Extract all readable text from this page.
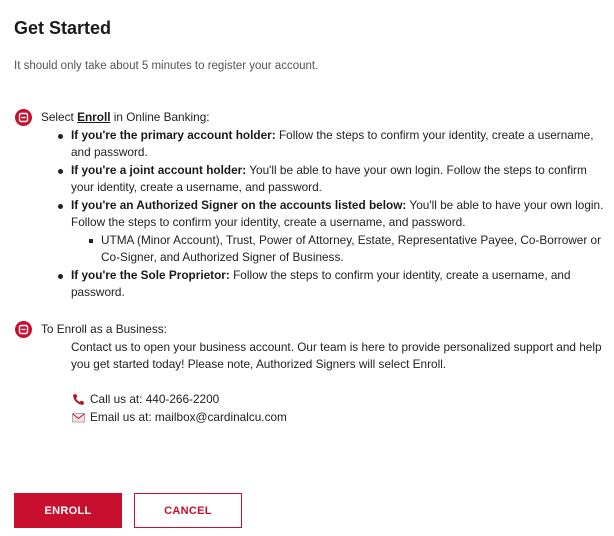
Get Started
It should only take about 5 minutes to register your account.
Select Enroll in Online Banking:
If you're the primary account holder: Follow the steps to confirm your identity, create a username, and password.
If you're a joint account holder: You'll be able to have your own login. Follow the steps to confirm your identity, create a username, and password.
If you're an Authorized Signer on the accounts listed below: You'll be able to have your own login. Follow the steps to confirm your identity, create a username, and password.
UTMA (Minor Account), Trust, Power of Attorney, Estate, Representative Payee, Co-Borrower or Co-Signer, and Authorized Signer of Business.
If you're the Sole Proprietor: Follow the steps to confirm your identity, create a username, and password.
To Enroll as a Business:
Contact us to open your business account. Our team is here to provide personalized support and help you get started today! Please note, Authorized Signers will select Enroll.
Call us at: 440-266-2200
Email us at: mailbox@cardinalcu.com
ENROLL	CANCEL
